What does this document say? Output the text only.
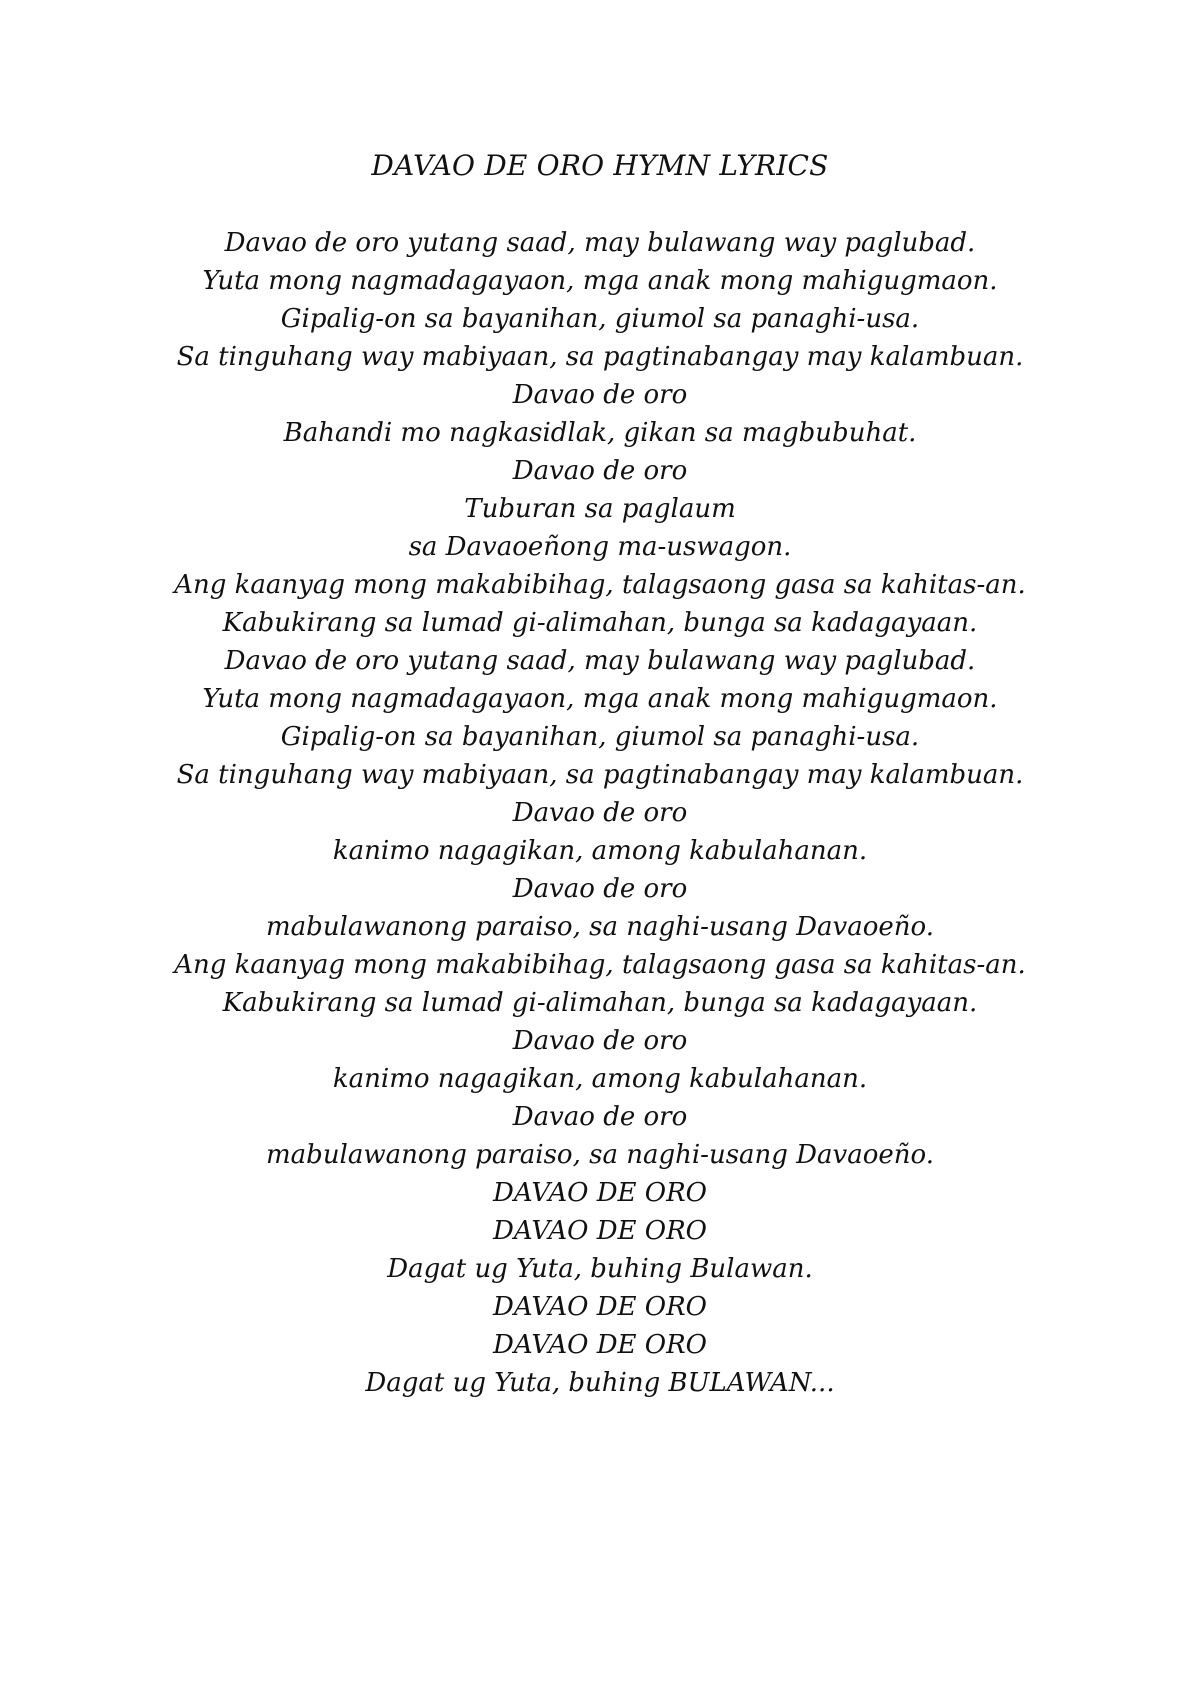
DAVAO DE ORO HYMN LYRICS
Davao de oro yutang saad, may bulawang way paglubad.
Yuta mong nagmadagayaon, mga anak mong mahigugmaon.
Gipalig-on sa bayanihan, giumol sa panaghi-usa.
Sa tinguhang way mabiyaan, sa pagtinabangay may kalambuan.
Davao de oro
Bahandi mo nagkasidlak, gikan sa magbubuhat.
Davao de oro
Tuburan sa paglaum
sa Davaoeñong ma-uswagon.
Ang kaanyag mong makabibihag, talagsaong gasa sa kahitas-an.
Kabukirang sa lumad gi-alimahan, bunga sa kadagayaan.
Davao de oro yutang saad, may bulawang way paglubad.
Yuta mong nagmadagayaon, mga anak mong mahigugmaon.
Gipalig-on sa bayanihan, giumol sa panaghi-usa.
Sa tinguhang way mabiyaan, sa pagtinabangay may kalambuan.
Davao de oro
kanimo nagagikan, among kabulahanan.
Davao de oro
mabulawanong paraiso, sa naghi-usang Davaoeño.
Ang kaanyag mong makabibihag, talagsaong gasa sa kahitas-an.
Kabukirang sa lumad gi-alimahan, bunga sa kadagayaan.
Davao de oro
kanimo nagagikan, among kabulahanan.
Davao de oro
mabulawanong paraiso, sa naghi-usang Davaoeño.
DAVAO DE ORO
DAVAO DE ORO
Dagat ug Yuta, buhing Bulawan.
DAVAO DE ORO
DAVAO DE ORO
Dagat ug Yuta, buhing BULAWAN...
